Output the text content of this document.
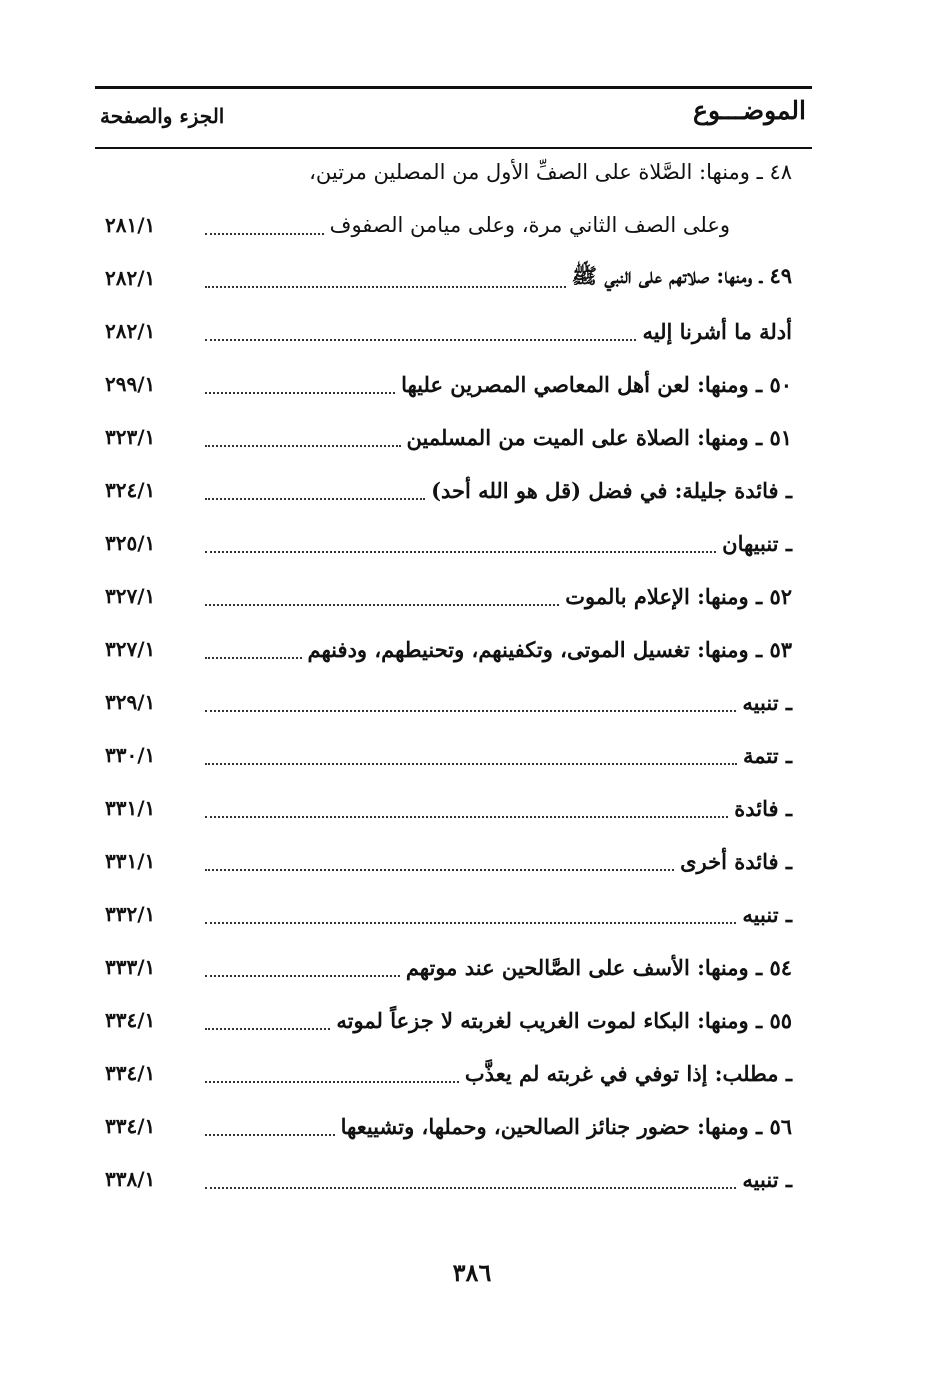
الموضـــوع
الجزء والصفحة
٤٨ ـ ومنها: الصَّلاة على الصفِّ الأول من المصلين مرتين،
وعلى الصف الثاني مرة، وعلى ميامن الصفوف
٢٨١/١
٤٩ ـ ومنها: صلاتهم على النبي ﷺ
٢٨٢/١
أدلة ما أشرنا إليه
٢٨٢/١
٥٠ ـ ومنها: لعن أهل المعاصي المصرين عليها
٢٩٩/١
٥١ ـ ومنها: الصلاة على الميت من المسلمين
٣٢٣/١
ـ فائدة جليلة: في فضل (قل هو الله أحد)
٣٢٤/١
ـ تنبيهان
٣٢٥/١
٥٢ ـ ومنها: الإعلام بالموت
٣٢٧/١
٥٣ ـ ومنها: تغسيل الموتى، وتكفينهم، وتحنيطهم، ودفنهم
٣٢٧/١
ـ تنبيه
٣٢٩/١
ـ تتمة
٣٣٠/١
ـ فائدة
٣٣١/١
ـ فائدة أخرى
٣٣١/١
ـ تنبيه
٣٣٢/١
٥٤ ـ ومنها: الأسف على الصَّالحين عند موتهم
٣٣٣/١
٥٥ ـ ومنها: البكاء لموت الغريب لغربته لا جزعاً لموته
٣٣٤/١
ـ مطلب: إذا توفي في غربته لم يعذَّب
٣٣٤/١
٥٦ ـ ومنها: حضور جنائز الصالحين، وحملها، وتشييعها
٣٣٤/١
ـ تنبيه
٣٣٨/١
٣٨٦
